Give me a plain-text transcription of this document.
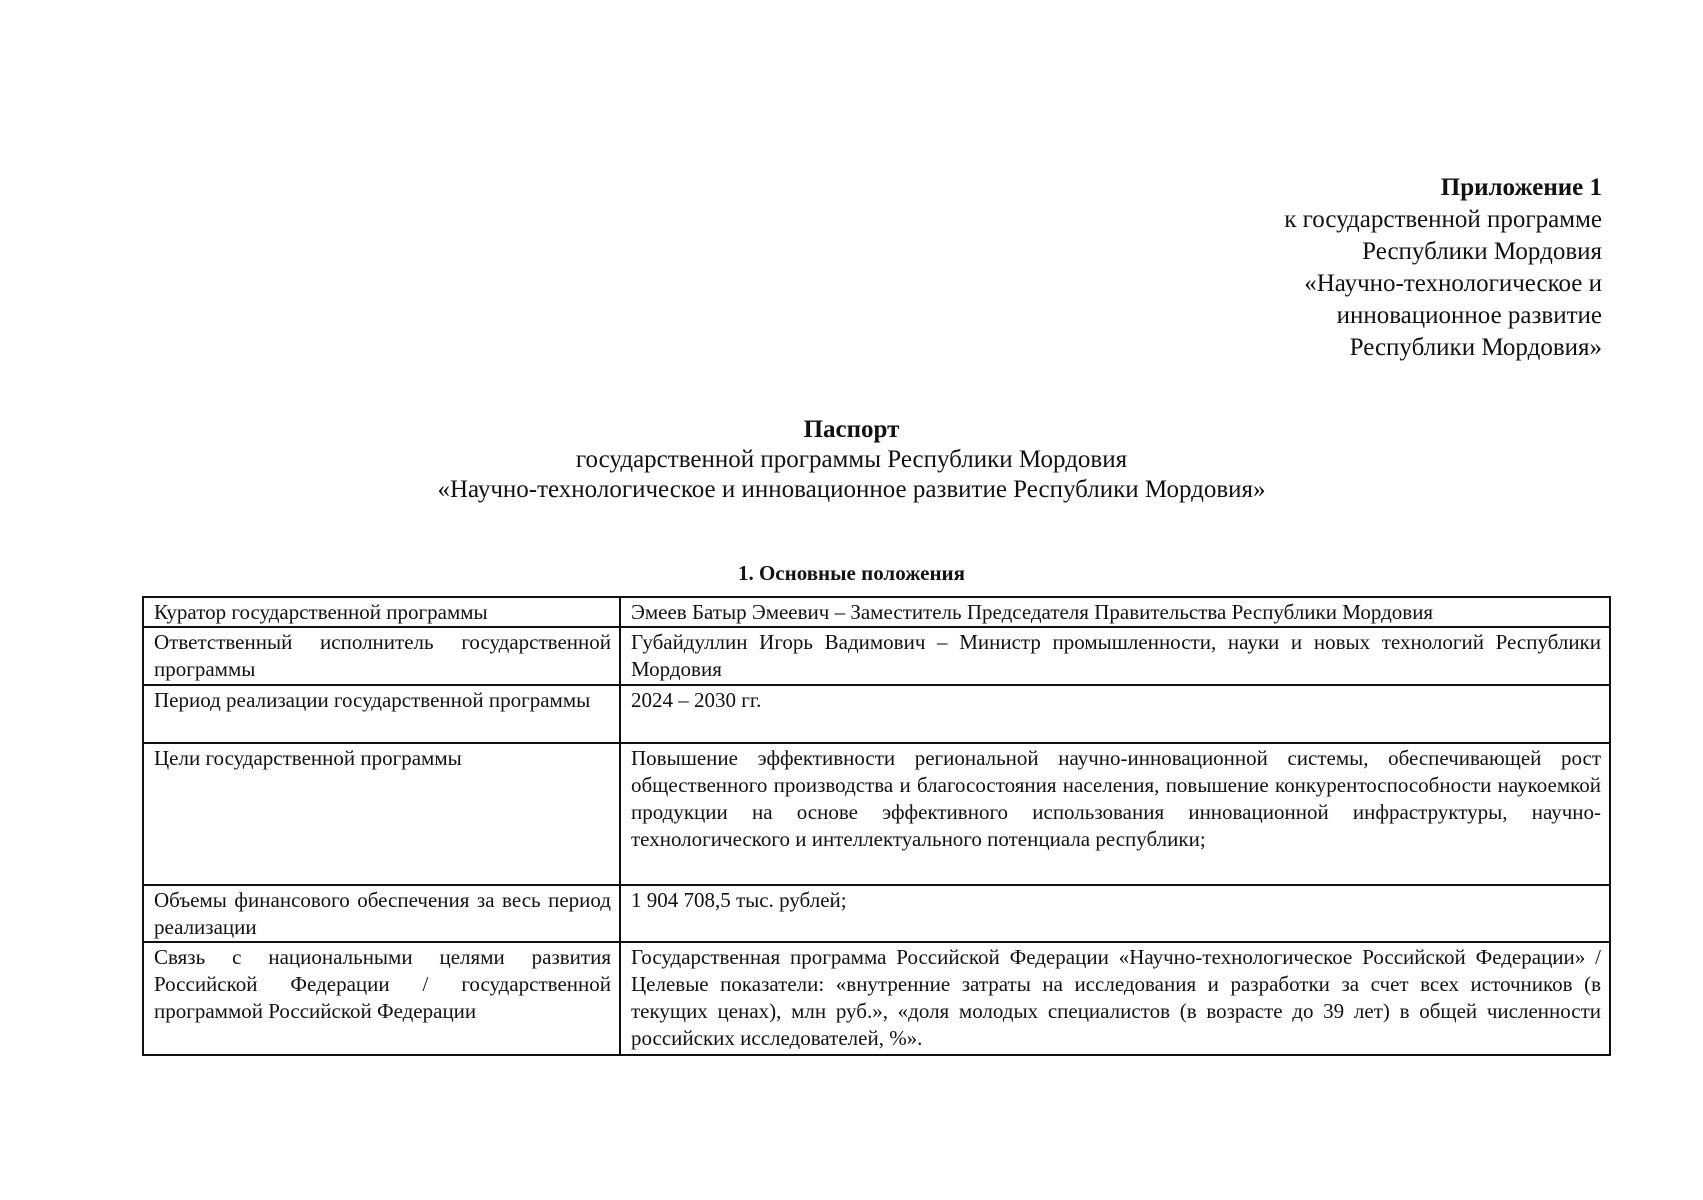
Приложение 1
к государственной программе
Республики Мордовия
«Научно-технологическое и
инновационное развитие
Республики Мордовия»
Паспорт
государственной программы Республики Мордовия
«Научно-технологическое и инновационное развитие Республики Мордовия»
1. Основные положения
Куратор государственной программы	Эмеев Батыр Эмеевич – Заместитель Председателя Правительства Республики Мордовия
Ответственный исполнитель государственной программы	Губайдуллин Игорь Вадимович – Министр промышленности, науки и новых технологий Республики Мордовия
Период реализации государственной программы	2024 – 2030 гг.
Цели государственной программы	Повышение эффективности региональной научно-инновационной системы, обеспечивающей рост общественного производства и благосостояния населения, повышение конкурентоспособности наукоемкой продукции на основе эффективного использования инновационной инфраструктуры, научно-технологического и интеллектуального потенциала республики;
Объемы финансового обеспечения за весь период реализации	1 904 708,5 тыс. рублей;
Связь с национальными целями развития Российской Федерации / государственной программой Российской Федерации	Государственная программа Российской Федерации «Научно-технологическое Российской Федерации» / Целевые показатели: «внутренние затраты на исследования и разработки за счет всех источников (в текущих ценах), млн руб.», «доля молодых специалистов (в возрасте до 39 лет) в общей численности российских исследователей, %».
